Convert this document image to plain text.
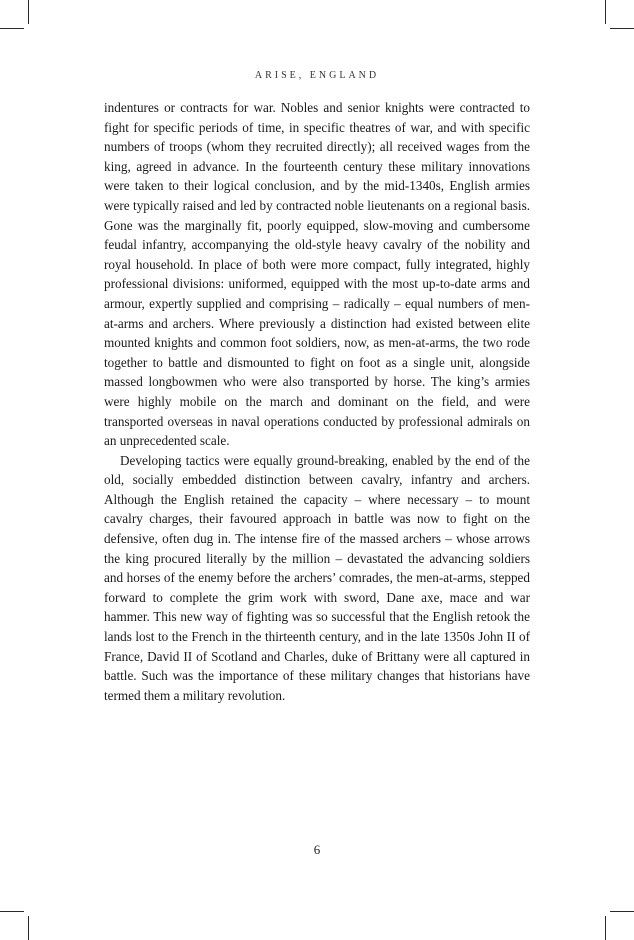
ARISE, ENGLAND

indentures or contracts for war. Nobles and senior knights were contracted to fight for specific periods of time, in specific theatres of war, and with specific numbers of troops (whom they recruited directly); all received wages from the king, agreed in advance. In the fourteenth century these military innovations were taken to their logical conclusion, and by the mid-1340s, English armies were typically raised and led by contracted noble lieutenants on a regional basis. Gone was the marginally fit, poorly equipped, slow-moving and cumbersome feudal infantry, accompanying the old-style heavy cavalry of the nobility and royal household. In place of both were more compact, fully integrated, highly professional divisions: uniformed, equipped with the most up-to-date arms and armour, expertly supplied and comprising – radically – equal numbers of men-at-arms and archers. Where previously a distinction had existed between elite mounted knights and common foot soldiers, now, as men-at-arms, the two rode together to battle and dismounted to fight on foot as a single unit, alongside massed longbowmen who were also transported by horse. The king’s armies were highly mobile on the march and dominant on the field, and were transported overseas in naval operations conducted by professional admirals on an unprecedented scale.

Developing tactics were equally ground-breaking, enabled by the end of the old, socially embedded distinction between cavalry, infantry and archers. Although the English retained the capacity – where necessary – to mount cavalry charges, their favoured approach in battle was now to fight on the defensive, often dug in. The intense fire of the massed archers – whose arrows the king procured literally by the million – devastated the advancing soldiers and horses of the enemy before the archers’ comrades, the men-at-arms, stepped forward to complete the grim work with sword, Dane axe, mace and war hammer. This new way of fighting was so successful that the English retook the lands lost to the French in the thirteenth century, and in the late 1350s John II of France, David II of Scotland and Charles, duke of Brittany were all captured in battle. Such was the importance of these military changes that historians have termed them a military revolution.

6
